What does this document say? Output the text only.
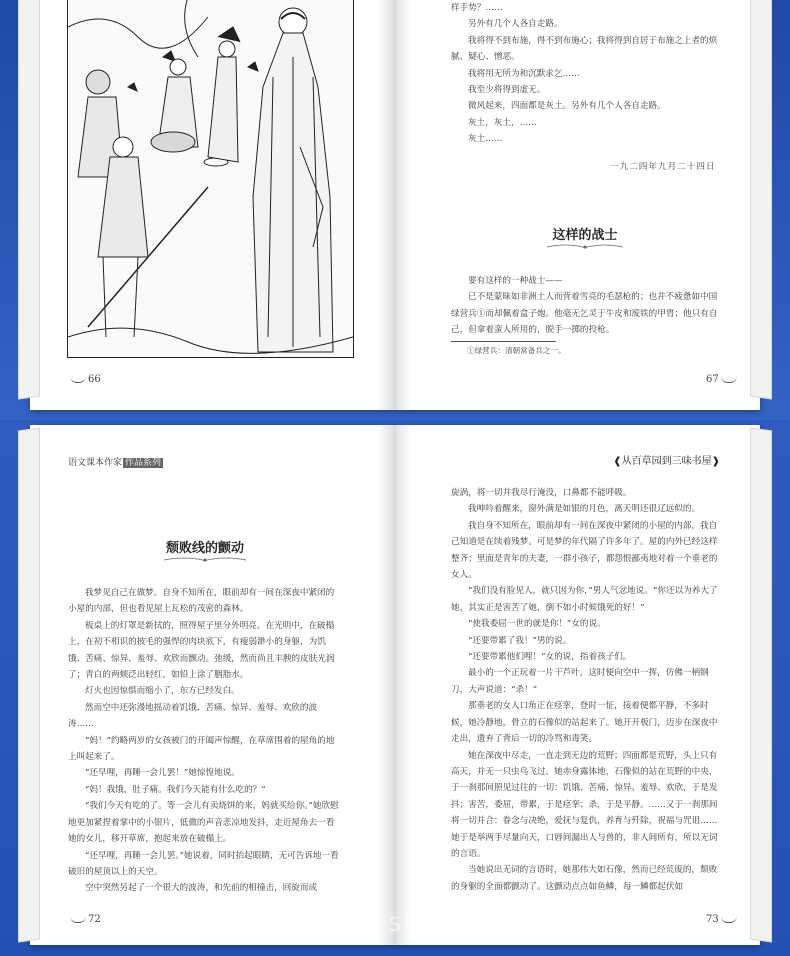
66	67

样手势？……

另外有几个人各自走路。

我将得不到布施，得不到布施心；我将得到自居于布施之上者的烦腻、疑心、憎恶。

我将用无所为和沉默求乞……

我至少将得到虚无。

微风起来，四面都是灰土。另外有几个人各自走路。

灰土，灰土，……

灰土……

一九二四年九月二十四日
这样的战士

要有这样的一种战士——

已不是蒙昧如非洲土人而背着雪亮的毛瑟枪的；也并不疲惫如中国绿营兵①而却佩着盒子炮。他毫无乞灵于牛皮和废铁的甲胄；他只有自己，但拿着蛮人所用的，脱手一掷的投枪。

①绿营兵：清朝常备兵之一。
语文课本作家 作品系列	❰从百草园到三味书屋❱
颓败线的颤动

我梦见自己在做梦。自身不知所在，眼前却有一间在深夜中紧闭的小屋的内部，但也看见屋上瓦松的茂密的森林。

板桌上的灯罩是新拭的，照得屋子里分外明亮。在光明中，在破榻上，在初不相识的披毛的强悍的肉块底下，有瘦弱渺小的身躯，为饥饿、苦痛、惊异、羞辱、欢欣而颤动。弛缓，然而尚且丰腴的皮肤光润了；青白的两颊泛出轻红，如铅上涂了胭脂水。

灯火也因惊惧而缩小了，东方已经发白。

然而空中还弥漫地摇动着饥饿、苦痛、惊异、羞辱、欢欣的波涛……

“妈！”约略两岁的女孩被门的开阖声惊醒，在草席围着的屋角的地上叫起来了。

“还早哩，再睡一会儿罢！”她惊惶地说。

“妈！我饿，肚子痛。我们今天能有什么吃的？”

“我们今天有吃的了。等一会儿有卖烧饼的来，妈就买给你。”她欣慰地更加紧捏着掌中的小银片，低微的声音悲凉地发抖，走近屋角去一看她的女儿，移开草席，抱起来放在破榻上。

“还早哩，再睡一会儿罢。”她说着，同时抬起眼睛，无可告诉地一看破旧的屋顶以上的天空。

空中突然另起了一个很大的波涛，和先前的相撞击，回旋而成

旋涡，将一切并我尽行淹没，口鼻都不能呼吸。

我呻吟着醒来，窗外满是如银的月色，离天明还很辽远似的。

我自身不知所在，眼前却有一间在深夜中紧闭的小屋的内部，我自己知道是在续着残梦。可是梦的年代隔了许多年了。屋的内外已经这样整齐；里面是青年的夫妻，一群小孩子，都怨恨鄙夷地对着一个垂老的女人。

“我们没有脸见人，就只因为你，”男人气忿地说。“你还以为养大了她，其实正是害苦了她，倒不如小时候饿死的好！”

“使我委屈一世的就是你！”女的说。

“还要带累了我！”男的说。

“还要带累他们哩！”女的说，指着孩子们。

最小的一个正玩着一片干芦叶，这时便向空中一挥，仿佛一柄钢刀，大声说道：“杀！”

那垂老的女人口角正在痉挛，登时一怔，接着便都平静，不多时候，她冷静地，骨立的石像似的站起来了。她开开板门，迈步在深夜中走出，遗弃了背后一切的冷骂和毒笑。

她在深夜中尽走，一直走到无边的荒野；四面都是荒野，头上只有高天，并无一只虫鸟飞过。她赤身露体地，石像似的站在荒野的中央，于一刹那间照见过往的一切：饥饿、苦痛、惊异、羞辱、欢欣，于是发抖；害苦，委屈，带累，于是痉挛；杀，于是平静。……又于一刹那间将一切并合：眷念与决绝，爱抚与复仇，养育与歼除，祝福与咒诅……她于是举两手尽量向天，口唇间漏出人与兽的，非人间所有，所以无词的言语。

当她说出无词的言语时，她那伟大如石像，然而已经荒废的，颓败的身躯的全面都颤动了。这颤动点点如鱼鳞，每一鳞都起伏如

72	73
shop
